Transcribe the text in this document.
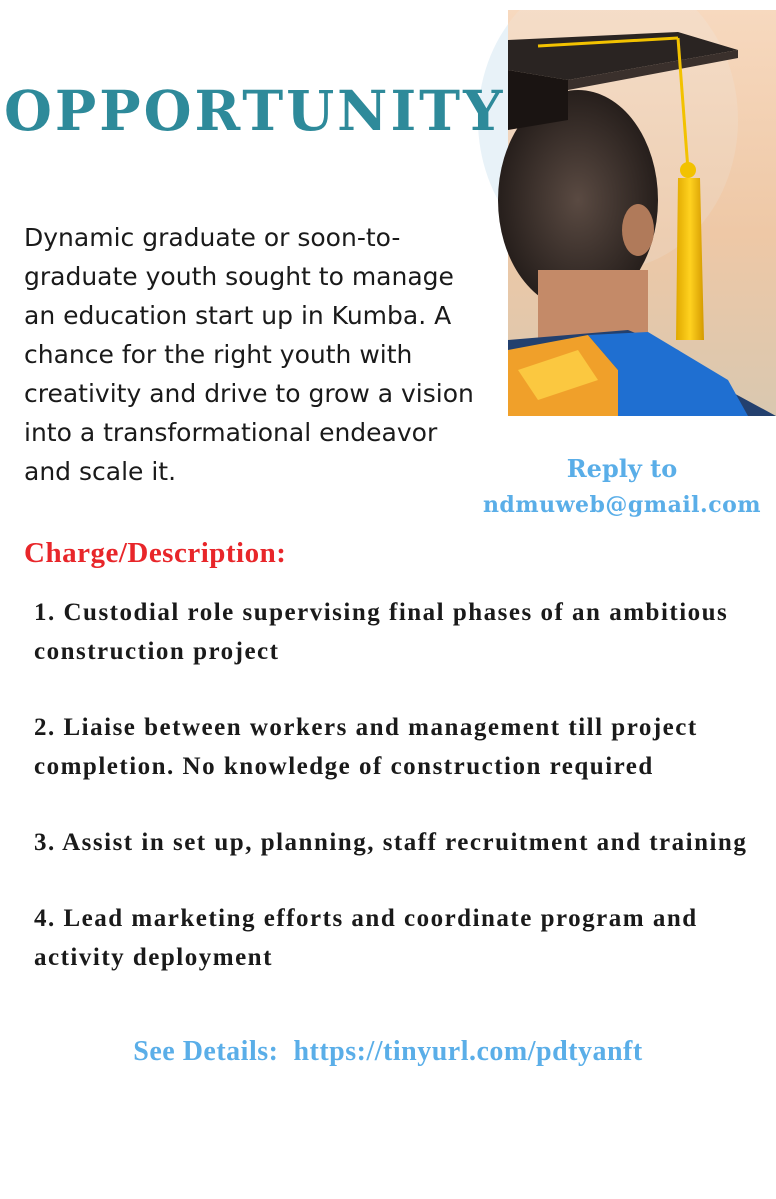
OPPORTUNITY

Dynamic graduate or soon-to-graduate youth sought to manage an education start up in Kumba. A chance for the right youth with creativity and drive to grow a vision into a transformational endeavor and scale it.	Reply to

ndmuweb@gmail.com

Charge/Description:
1. Custodial role supervising final phases of an ambitious construction project
2. Liaise between workers and management till project completion. No knowledge of construction required
3. Assist in set up, planning, staff recruitment and training
4. Lead marketing efforts and coordinate program and activity deployment

See Details:  https://tinyurl.com/pdtyanft
